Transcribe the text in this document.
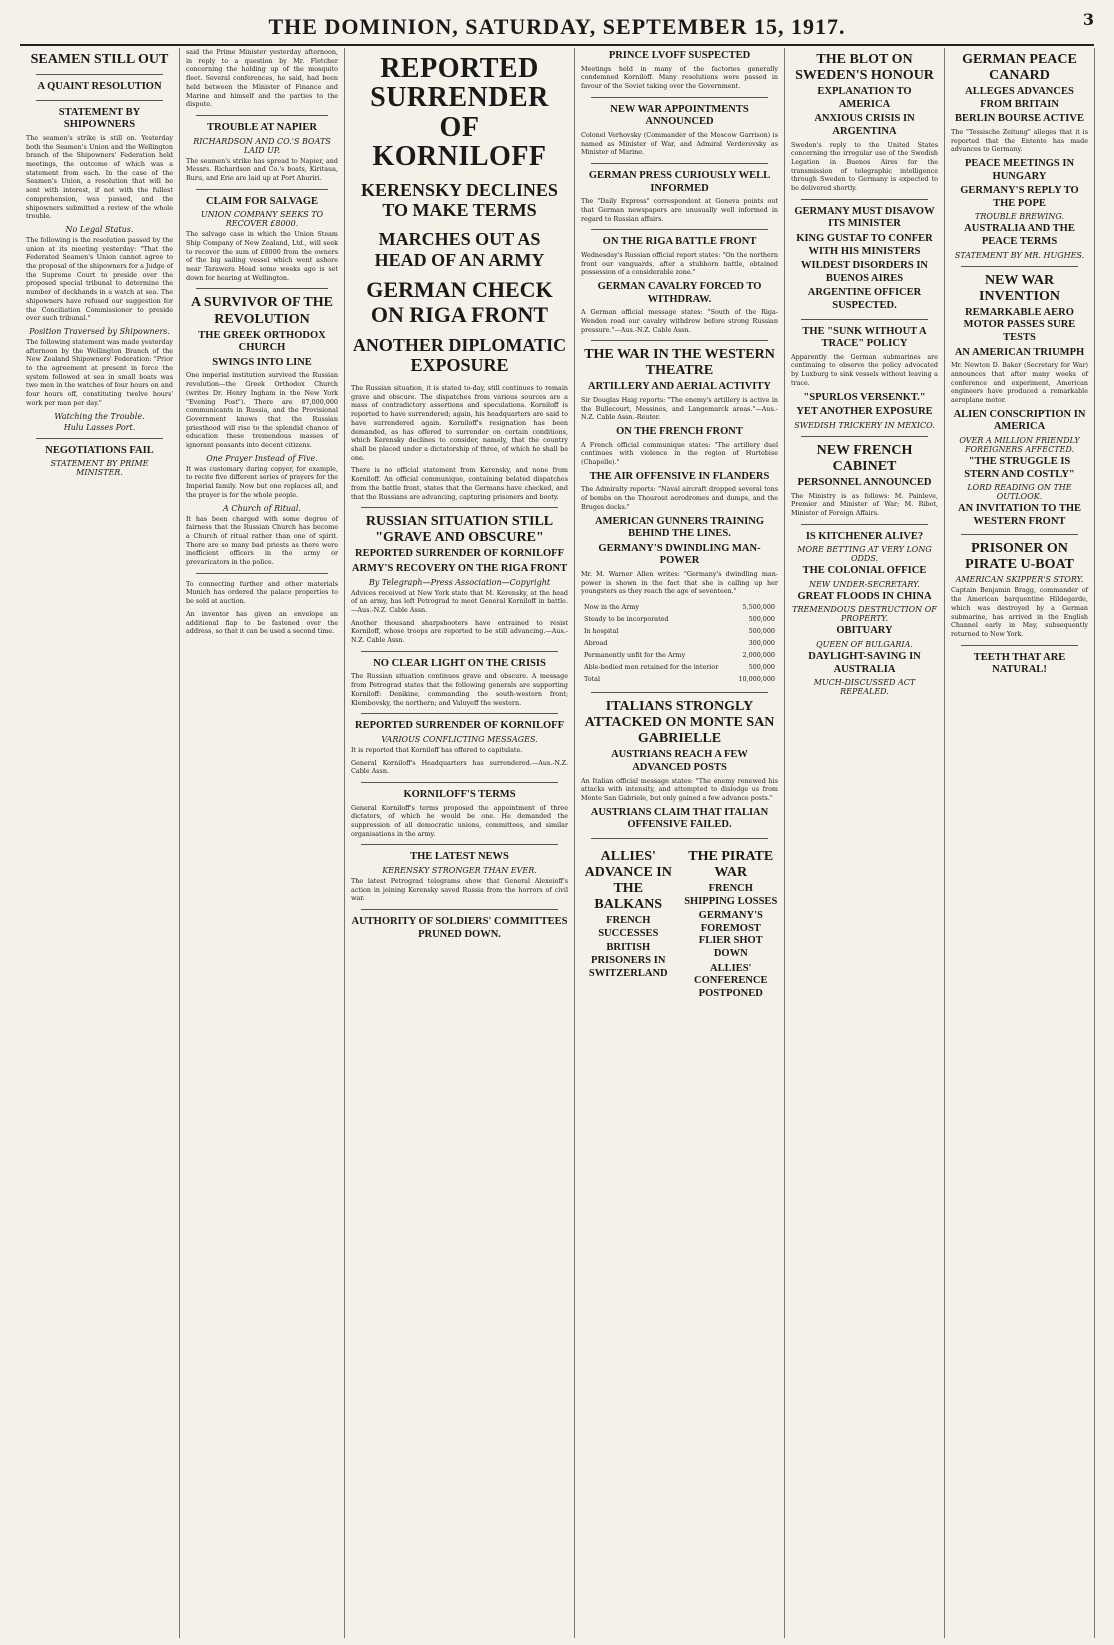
THE DOMINION, SATURDAY, SEPTEMBER 15, 1917.	3
SEAMEN STILL OUT
A QUAINT RESOLUTION
STATEMENT BY SHIPOWNERS

The seamen's strike is still on. Yesterday both the Seamen's Union and the Wellington branch of the Shipowners' Federation held meetings, the outcome of which was a statement from each. In the case of the Seamen's Union, a resolution that will be sent with interest, if not with the fullest comprehension, was passed, and the shipowners submitted a review of the whole trouble.

No Legal Status.

The following is the resolution passed by the union at its meeting yesterday: "That the Federated Seamen's Union cannot agree to the proposal of the shipowners for a Judge of the Supreme Court to preside over the proposed special tribunal to determine the number of deckhands in a watch at sea. The shipowners have refused our suggestion for the Conciliation Commissioner to preside over such tribunal."

Position Traversed by Shipowners.

The following statement was made yesterday afternoon by the Wellington Branch of the New Zealand Shipowners' Federation: "Prior to the agreement at present in force the system followed at sea in small boats was two men in the watches of four hours on and four hours off, constituting twelve hours' work per man per day."

Watching the Trouble.
Hulu Lasses Port.
NEGOTIATIONS FAIL
STATEMENT BY PRIME MINISTER.

said the Prime Minister yesterday afternoon, in reply to a question by Mr. Fletcher concerning the holding up of the mosquito fleet. Several conferences, he said, had been held between the Minister of Finance and Marine and himself and the parties to the dispute.

TROUBLE AT NAPIER
RICHARDSON AND CO.'S BOATS LAID UP.

The seamen's strike has spread to Napier, and Messrs. Richardson and Co.'s boats, Kiritaua, Ruru, and Erie are laid up at Port Ahuriri.

CLAIM FOR SALVAGE
UNION COMPANY SEEKS TO RECOVER £8000.

The salvage case in which the Union Steam Ship Company of New Zealand, Ltd., will seek to recover the sum of £8000 from the owners of the big sailing vessel which went ashore near Tarawera Head some weeks ago is set down for hearing at Wellington.

A SURVIVOR OF THE REVOLUTION
THE GREEK ORTHODOX CHURCH
SWINGS INTO LINE

One imperial institution survived the Russian revolution—the Greek Orthodox Church (writes Dr. Henry Ingham in the New York "Evening Post"). There are 87,000,000 communicants in Russia, and the Provisional Government knows that the Russian priesthood will rise to the splendid chance of education these tremendous masses of ignorant peasants into decent citizens.

One Prayer Instead of Five.

It was customary during copyer, for example, to recite five different series of prayers for the Imperial family. Now but one replaces all, and the prayer is for the whole people.

A Church of Ritual.

It has been charged with some degree of fairness that the Russian Church has become a Church of ritual rather than one of spirit. There are so many bad priests as there were inefficient officers in the army or prevaricators in the police.

To connecting further and other materials Munich has ordered the palace properties to be sold at auction.

An inventor has given an envelope an additional flap to be fastened over the address, so that it can be used a second time.

REPORTED SURRENDER OF KORNILOFF
KERENSKY DECLINES TO MAKE TERMS
MARCHES OUT AS HEAD OF AN ARMY
GERMAN CHECK ON RIGA FRONT
ANOTHER DIPLOMATIC EXPOSURE

The Russian situation, it is stated to-day, still continues to remain grave and obscure. The dispatches from various sources are a mass of contradictory assertions and speculations. Korniloff is reported to have surrendered; again, his headquarters are said to have surrendered again. Korniloff's resignation has been demanded, as has offered to surrender on certain conditions, which Kerensky declines to consider, namely, that the country shall be placed under a dictatorship of three, of which he shall be one.

There is no official statement from Kerensky, and none from Korniloff. An official communique, containing belated dispatches from the battle front, states that the Germans have checked, and that the Russians are advancing, capturing prisoners and booty.

RUSSIAN SITUATION STILL "GRAVE AND OBSCURE"
REPORTED SURRENDER OF KORNILOFF
ARMY'S RECOVERY ON THE RIGA FRONT
By Telegraph—Press Association—Copyright

Advices received at New York state that M. Kerensky, at the head of an army, has left Petrograd to meet General Korniloff in battle.—Aus.-N.Z. Cable Assn.

Another thousand sharpshooters have entrained to resist Korniloff, whose troops are reported to be still advancing.—Aus.-N.Z. Cable Assn.

NO CLEAR LIGHT ON THE CRISIS

The Russian situation continues grave and obscure. A message from Petrograd states that the following generals are supporting Korniloff: Denikine, commanding the south-western front; Klembovsky, the northern; and Valuyeff the western.

REPORTED SURRENDER OF KORNILOFF
VARIOUS CONFLICTING MESSAGES.

It is reported that Korniloff has offered to capitulate.

General Korniloff's Headquarters has surrendered.—Aus.-N.Z. Cable Assn.

KORNILOFF'S TERMS

General Korniloff's terms proposed the appointment of three dictators, of which he would be one. He demanded the suppression of all democratic unions, committees, and similar organisations in the army.

THE LATEST NEWS
KERENSKY STRONGER THAN EVER.

The latest Petrograd telegrams show that General Alexeieff's action in joining Kerensky saved Russia from the horrors of civil war.

AUTHORITY OF SOLDIERS' COMMITTEES PRUNED DOWN.
PRINCE LVOFF SUSPECTED

Meetings held in many of the factories generally condemned Korniloff. Many resolutions were passed in favour of the Soviet taking over the Government.

NEW WAR APPOINTMENTS ANNOUNCED

Colonel Verhovsky (Commander of the Moscow Garrison) is named as Minister of War, and Admiral Verderevsky as Minister of Marine.

GERMAN PRESS CURIOUSLY WELL INFORMED

The "Daily Express" correspondent at Geneva points out that German newspapers are unusually well informed in regard to Russian affairs.

ON THE RIGA BATTLE FRONT

Wednesday's Russian official report states: "On the northern front our vanguards, after a stubborn battle, obtained possession of a considerable zone."

GERMAN CAVALRY FORCED TO WITHDRAW.

A German official message states: "South of the Riga-Wenden road our cavalry withdrew before strong Russian pressure."—Aus.-N.Z. Cable Assn.

THE WAR IN THE WESTERN THEATRE
ARTILLERY AND AERIAL ACTIVITY

Sir Douglas Haig reports: "The enemy's artillery is active in the Bullecourt, Messines, and Langemarck areas."—Aus.-N.Z. Cable Assn.-Reuter.

ON THE FRENCH FRONT

A French official communique states: "The artillery duel continues with violence in the region of Hurtebise (Chapelle)."

THE AIR OFFENSIVE IN FLANDERS

The Admiralty reports: "Naval aircraft dropped several tons of bombs on the Thourout aerodromes and dumps, and the Bruges docks."

AMERICAN GUNNERS TRAINING BEHIND THE LINES.
GERMANY'S DWINDLING MAN-POWER

Mr. M. Warner Allen writes: "Germany's dwindling man-power is shown in the fact that she is calling up her youngsters as they reach the age of seventeen."

Now in the Army	5,500,000
Steady to be incorporated	500,000
In hospital	500,000
Abroad	300,000
Permanently unfit for the Army	2,000,000
Able-bodied men retained for the interior	500,000
Total	10,000,000
ITALIANS STRONGLY ATTACKED ON MONTE SAN GABRIELLE
AUSTRIANS REACH A FEW ADVANCED POSTS

An Italian official message states: "The enemy renewed his attacks with intensity, and attempted to dislodge us from Monte San Gabriele, but only gained a few advance posts."

AUSTRIANS CLAIM THAT ITALIAN OFFENSIVE FAILED.
ALLIES' ADVANCE IN THE BALKANS
FRENCH SUCCESSES
BRITISH PRISONERS IN SWITZERLAND
THE PIRATE WAR
FRENCH SHIPPING LOSSES
GERMANY'S FOREMOST FLIER SHOT DOWN
ALLIES' CONFERENCE POSTPONED
THE BLOT ON SWEDEN'S HONOUR
EXPLANATION TO AMERICA
ANXIOUS CRISIS IN ARGENTINA

Sweden's reply to the United States concerning the irregular use of the Swedish Legation in Buenos Aires for the transmission of telegraphic intelligence through Sweden to Germany is expected to be delivered shortly.

GERMANY MUST DISAVOW ITS MINISTER
KING GUSTAF TO CONFER WITH HIS MINISTERS
WILDEST DISORDERS IN BUENOS AIRES
ARGENTINE OFFICER SUSPECTED.
THE "SUNK WITHOUT A TRACE" POLICY

Apparently the German submarines are continuing to observe the policy advocated by Luxburg to sink vessels without leaving a trace.

"SPURLOS VERSENKT."
YET ANOTHER EXPOSURE
SWEDISH TRICKERY IN MEXICO.
NEW FRENCH CABINET
PERSONNEL ANNOUNCED

The Ministry is as follows: M. Painleve, Premier and Minister of War; M. Ribot, Minister of Foreign Affairs.

IS KITCHENER ALIVE?
MORE BETTING AT VERY LONG ODDS.
THE COLONIAL OFFICE
NEW UNDER-SECRETARY.
GREAT FLOODS IN CHINA
TREMENDOUS DESTRUCTION OF PROPERTY.
OBITUARY
QUEEN OF BULGARIA.
DAYLIGHT-SAVING IN AUSTRALIA
MUCH-DISCUSSED ACT REPEALED.
GERMAN PEACE CANARD
ALLEGES ADVANCES FROM BRITAIN
BERLIN BOURSE ACTIVE

The "Tessische Zeitung" alleges that it is reported that the Entente has made advances to Germany.

PEACE MEETINGS IN HUNGARY
GERMANY'S REPLY TO THE POPE
TROUBLE BREWING.
AUSTRALIA AND THE PEACE TERMS
STATEMENT BY MR. HUGHES.
NEW WAR INVENTION
REMARKABLE AERO MOTOR PASSES SURE TESTS
AN AMERICAN TRIUMPH

Mr. Newton D. Baker (Secretary for War) announces that after many weeks of conference and experiment, American engineers have produced a remarkable aeroplane motor.

ALIEN CONSCRIPTION IN AMERICA
OVER A MILLION FRIENDLY FOREIGNERS AFFECTED.
"THE STRUGGLE IS STERN AND COSTLY"
LORD READING ON THE OUTLOOK.
AN INVITATION TO THE WESTERN FRONT
PRISONER ON PIRATE U-BOAT
AMERICAN SKIPPER'S STORY.

Captain Benjamin Bragg, commander of the American barquentine Hildegarde, which was destroyed by a German submarine, has arrived in the English Channel early in May, subsequently returned to New York.

TEETH THAT ARE NATURAL!
